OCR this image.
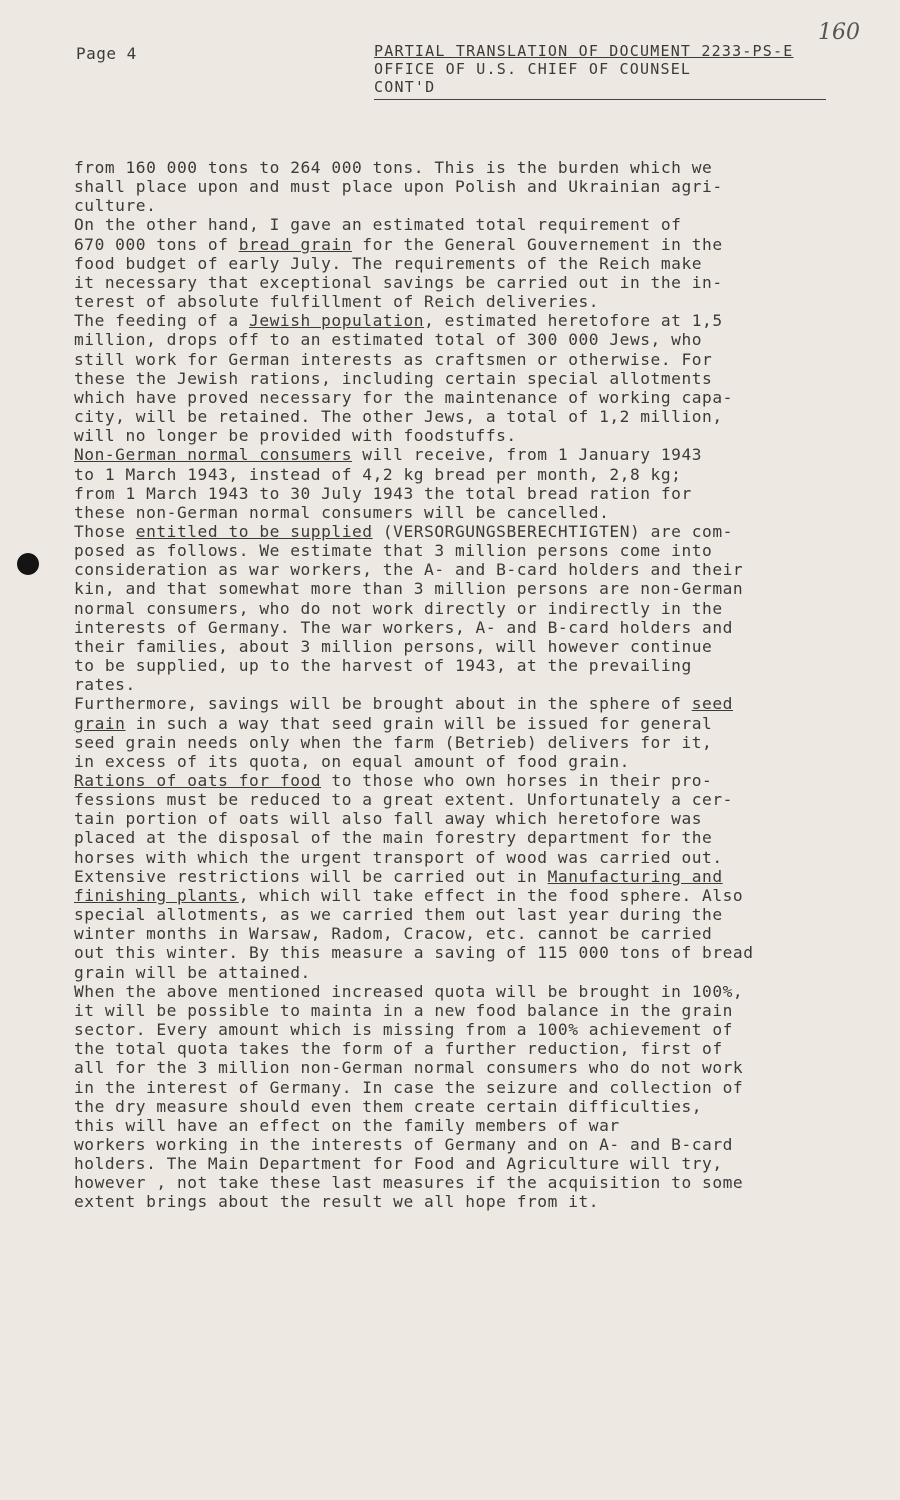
160
Page 4	PARTIAL TRANSLATION OF DOCUMENT 2233-PS-E
OFFICE OF U.S. CHIEF OF COUNSEL
CONT'D
from 160 000 tons to 264 000 tons. This is the burden which we
shall place upon and must place upon Polish and Ukrainian agri-
culture.
On the other hand, I gave an estimated total requirement of
670 000 tons of bread grain for the General Gouvernement in the
food budget of early July. The requirements of the Reich make
it necessary that exceptional savings be carried out in the in-
terest of absolute fulfillment of Reich deliveries.
The feeding of a Jewish population, estimated heretofore at 1,5
million, drops off to an estimated total of 300 000 Jews, who
still work for German interests as craftsmen or otherwise. For
these the Jewish rations, including certain special allotments
which have proved necessary for the maintenance of working capa-
city, will be retained. The other Jews, a total of 1,2 million,
will no longer be provided with foodstuffs.
Non-German normal consumers will receive, from 1 January 1943
to 1 March 1943, instead of 4,2 kg bread per month, 2,8 kg;
from 1 March 1943 to 30 July 1943 the total bread ration for
these non-German normal consumers will be cancelled.
Those entitled to be supplied (VERSORGUNGSBERECHTIGTEN) are com-
posed as follows. We estimate that 3 million persons come into
consideration as war workers, the A- and B-card holders and their
kin, and that somewhat more than 3 million persons are non-German
normal consumers, who do not work directly or indirectly in the
interests of Germany. The war workers, A- and B-card holders and
their families, about 3 million persons, will however continue
to be supplied, up to the harvest of 1943, at the prevailing
rates.
Furthermore, savings will be brought about in the sphere of seed
grain in such a way that seed grain will be issued for general
seed grain needs only when the farm (Betrieb) delivers for it,
in excess of its quota, on equal amount of food grain.
Rations of oats for food to those who own horses in their pro-
fessions must be reduced to a great extent. Unfortunately a cer-
tain portion of oats will also fall away which heretofore was
placed at the disposal of the main forestry department for the
horses with which the urgent transport of wood was carried out.
Extensive restrictions will be carried out in Manufacturing and
finishing plants, which will take effect in the food sphere. Also
special allotments, as we carried them out last year during the
winter months in Warsaw, Radom, Cracow, etc. cannot be carried
out this winter. By this measure a saving of 115 000 tons of bread
grain will be attained.
When the above mentioned increased quota will be brought in 100%,
it will be possible to mainta in a new food balance in the grain
sector. Every amount which is missing from a 100% achievement of
the total quota takes the form of a further reduction, first of
all for the 3 million non-German normal consumers who do not work
in the interest of Germany. In case the seizure and collection of
the dry measure should even them create certain difficulties,
this will have an effect on the family members of war
workers working in the interests of Germany and on A- and B-card
holders. The Main Department for Food and Agriculture will try,
however , not take these last measures if the acquisition to some
extent brings about the result we all hope from it.
